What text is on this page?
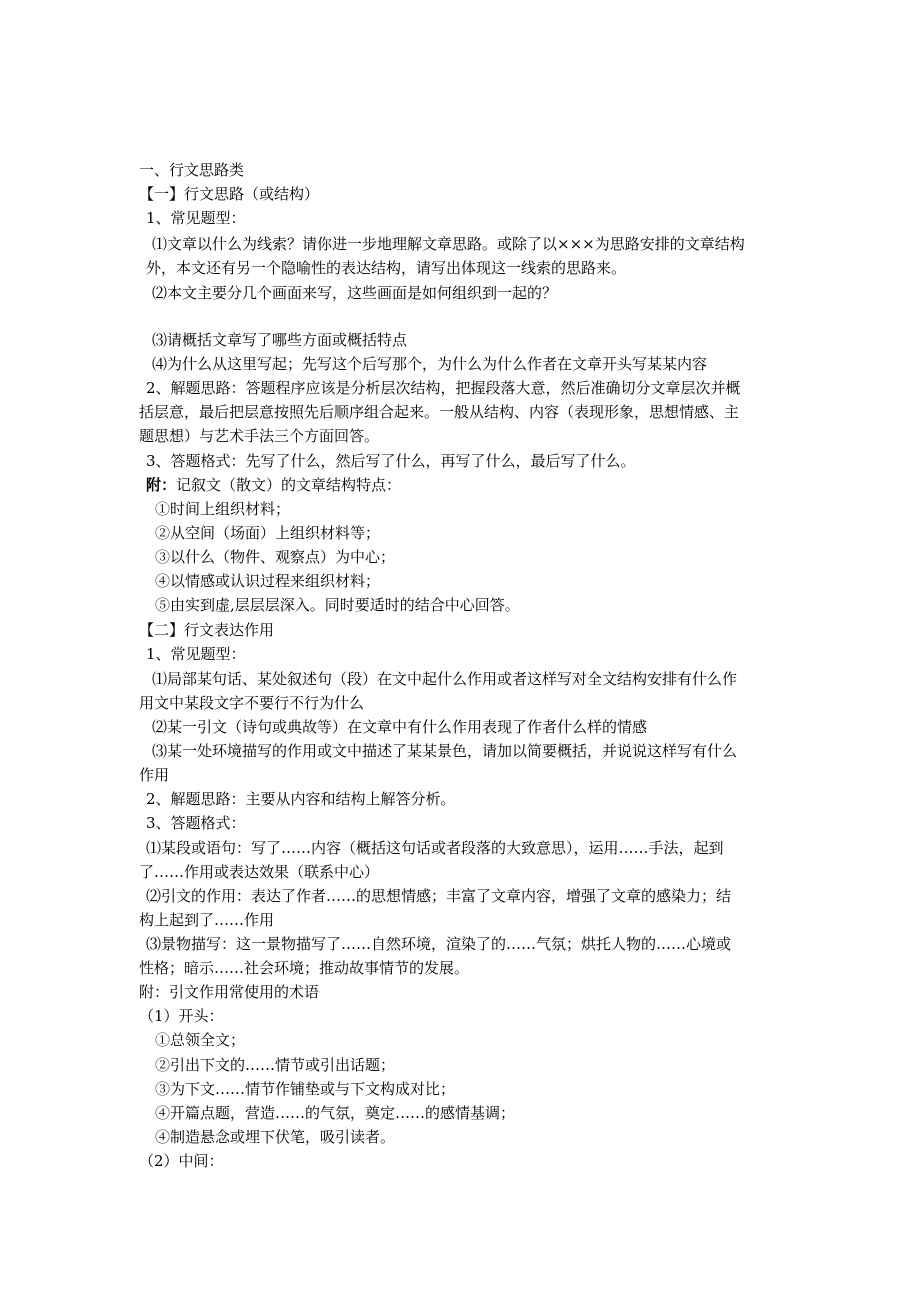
一、行文思路类
【一】行文思路（或结构）
1、常见题型：
⑴文章以什么为线索？请你进一步地理解文章思路。或除了以×××为思路安排的文章结构
外，本文还有另一个隐喻性的表达结构，请写出体现这一线索的思路来。
⑵本文主要分几个画面来写，这些画面是如何组织到一起的？
⑶请概括文章写了哪些方面或概括特点
⑷为什么从这里写起；先写这个后写那个，为什么为什么作者在文章开头写某某内容
2、解题思路：答题程序应该是分析层次结构，把握段落大意，然后准确切分文章层次并概
括层意，最后把层意按照先后顺序组合起来。一般从结构、内容（表现形象，思想情感、主
题思想）与艺术手法三个方面回答。
3、答题格式：先写了什么，然后写了什么，再写了什么，最后写了什么。
附：记叙文（散文）的文章结构特点：
①时间上组织材料；
②从空间（场面）上组织材料等；
③以什么（物件、观察点）为中心；
④以情感或认识过程来组织材料；
⑤由实到虚,层层层深入。同时要适时的结合中心回答。
【二】行文表达作用
1、常见题型：
⑴局部某句话、某处叙述句（段）在文中起什么作用或者这样写对全文结构安排有什么作
用文中某段文字不要行不行为什么
⑵某一引文（诗句或典故等）在文章中有什么作用表现了作者什么样的情感
⑶某一处环境描写的作用或文中描述了某某景色，请加以简要概括，并说说这样写有什么
作用
2、解题思路：主要从内容和结构上解答分析。
3、答题格式：
⑴某段或语句：写了……内容（概括这句话或者段落的大致意思），运用……手法，起到
了……作用或表达效果（联系中心）
⑵引文的作用：表达了作者……的思想情感；丰富了文章内容，增强了文章的感染力；结
构上起到了……作用
⑶景物描写：这一景物描写了……自然环境，渲染了的……气氛；烘托人物的……心境或
性格；暗示……社会环境；推动故事情节的发展。
附：引文作用常使用的术语
（1）开头：
①总领全文；
②引出下文的……情节或引出话题；
③为下文……情节作铺垫或与下文构成对比；
④开篇点题，营造……的气氛，奠定……的感情基调；
④制造悬念或埋下伏笔，吸引读者。
（2）中间：
